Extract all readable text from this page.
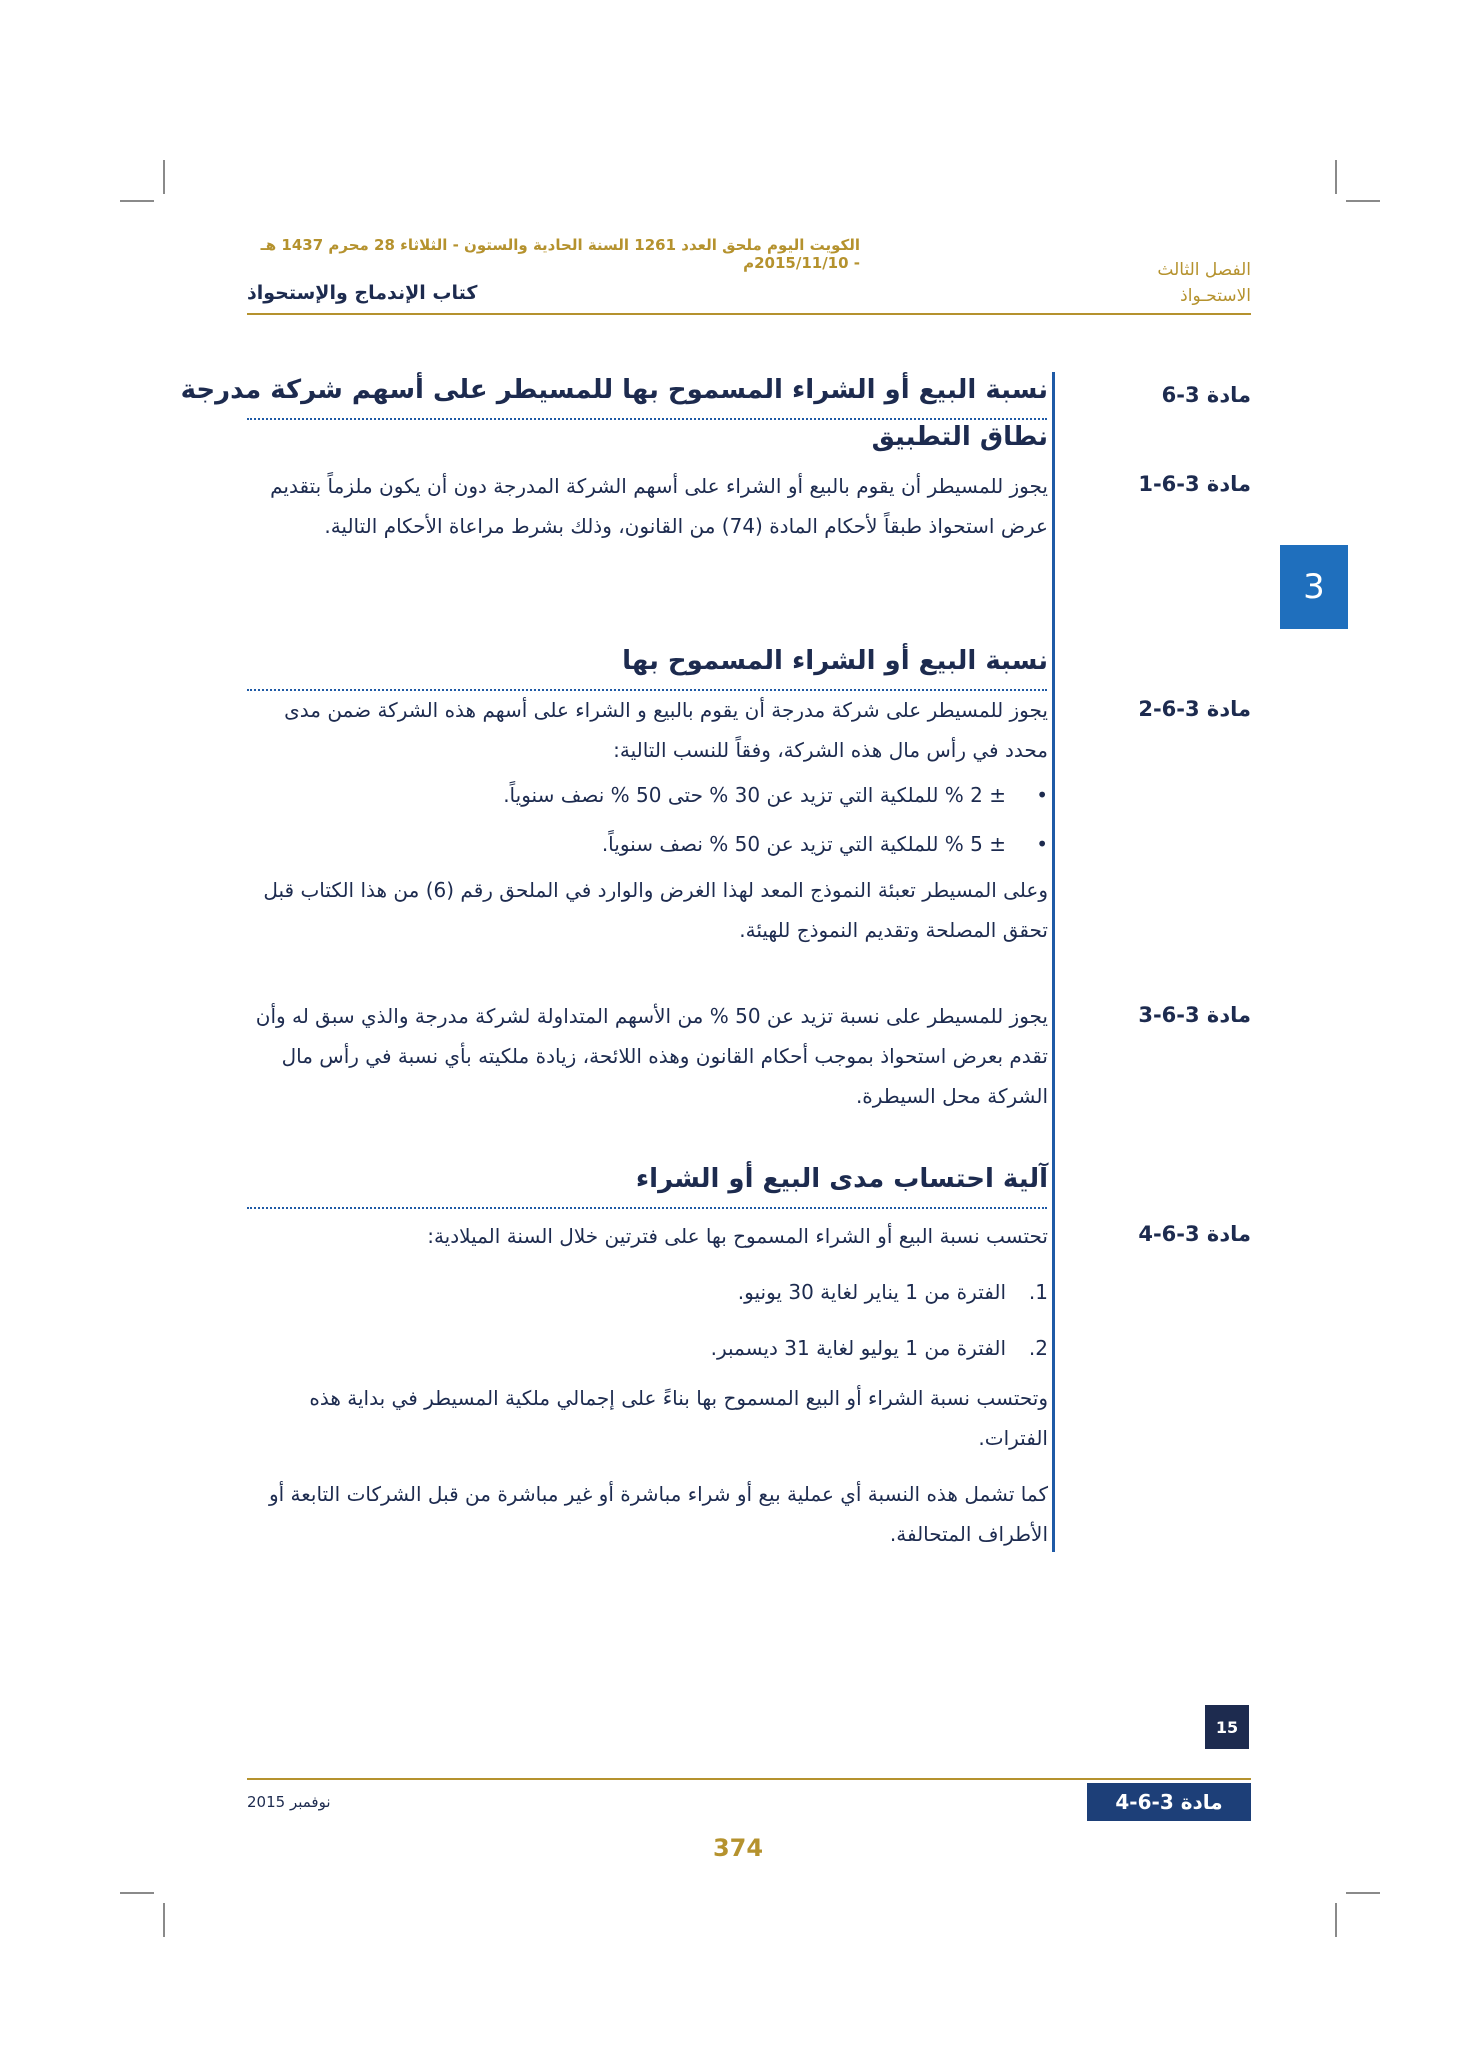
الكويت اليوم ملحق العدد 1261 السنة الحادية والستون - الثلاثاء 28 محرم 1437 هـ - 2015/11/10م	الفصل الثالث
الاستحـواذ
كتاب الإندماج والإستحواذ
3
مادة 3-6
نسبة البيع أو الشراء المسموح بها للمسيطر على أسهم شركة مدرجة
نطاق التطبيق
مادة 3-6-1

يجوز للمسيطر أن يقوم بالبيع أو الشراء على أسهم الشركة المدرجة دون أن يكون ملزماً بتقديم عرض استحواذ طبقاً لأحكام المادة (74) من القانون، وذلك بشرط مراعاة الأحكام التالية.

نسبة البيع أو الشراء المسموح بها
مادة 3-6-2

يجوز للمسيطر على شركة مدرجة أن يقوم بالبيع و الشراء على أسهم هذه الشركة ضمن مدى محدد في رأس مال هذه الشركة، وفقاً للنسب التالية:

•± 2 % للملكية التي تزيد عن 30 % حتى 50 % نصف سنوياً.
•± 5 % للملكية التي تزيد عن 50 % نصف سنوياً.

وعلى المسيطر تعبئة النموذج المعد لهذا الغرض والوارد في الملحق رقم (6) من هذا الكتاب قبل تحقق المصلحة وتقديم النموذج للهيئة.

مادة 3-6-3

يجوز للمسيطر على نسبة تزيد عن 50 % من الأسهم المتداولة لشركة مدرجة والذي سبق له وأن تقدم بعرض استحواذ بموجب أحكام القانون وهذه اللائحة، زيادة ملكيته بأي نسبة في رأس مال الشركة محل السيطرة.

آلية احتساب مدى البيع أو الشراء
مادة 3-6-4

تحتسب نسبة البيع أو الشراء المسموح بها على فترتين خلال السنة الميلادية:

1.الفترة من 1 يناير لغاية 30 يونيو.
2.الفترة من 1 يوليو لغاية 31 ديسمبر.

وتحتسب نسبة الشراء أو البيع المسموح بها بناءً على إجمالي ملكية المسيطر في بداية هذه الفترات.

كما تشمل هذه النسبة أي عملية بيع أو شراء مباشرة أو غير مباشرة من قبل الشركات التابعة أو الأطراف المتحالفة.

15
نوفمبر 2015	مادة 3-6-4
374
